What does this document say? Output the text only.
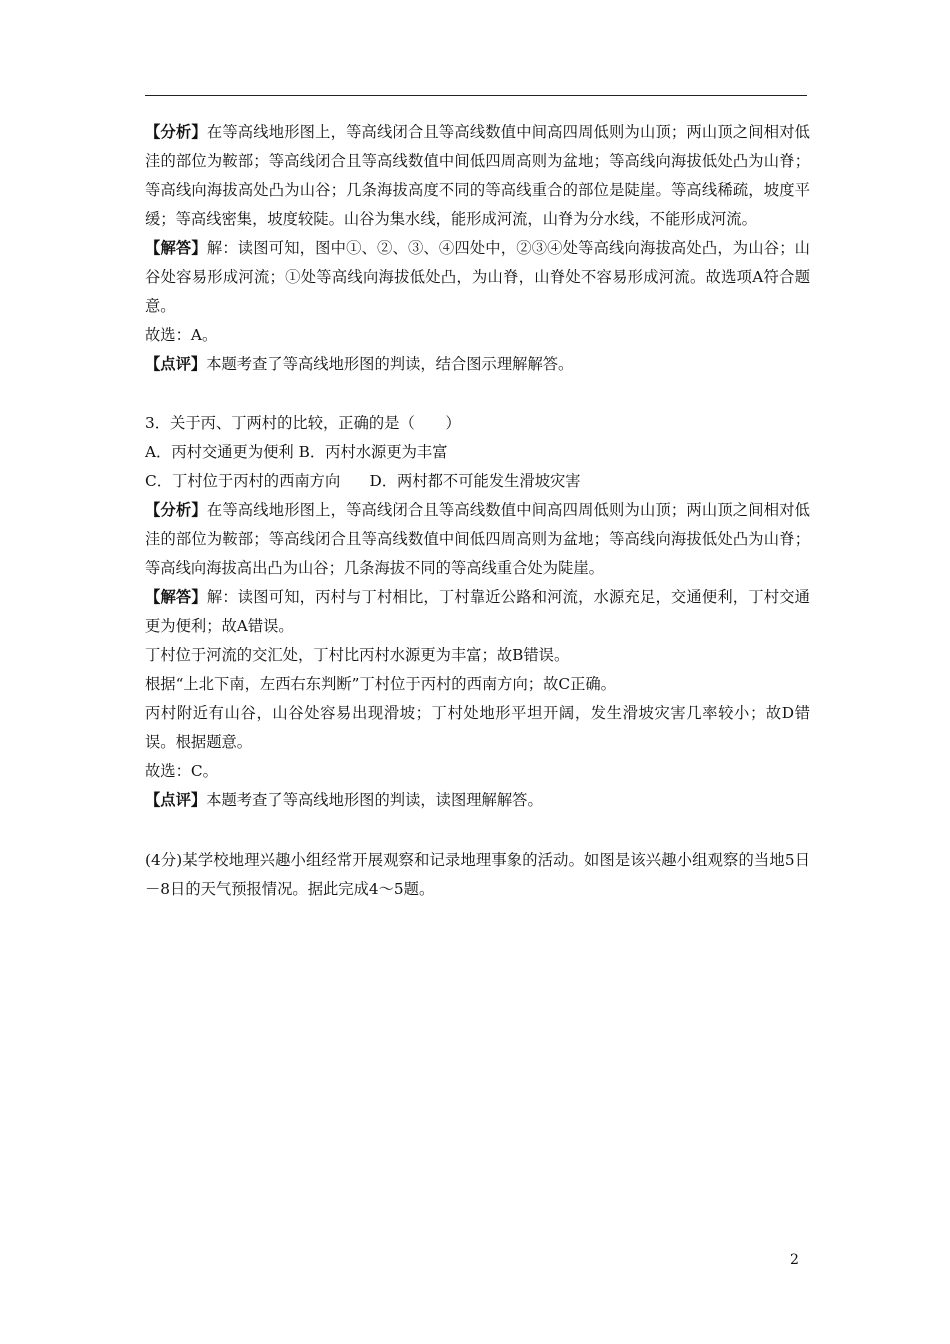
【分析】在等高线地形图上，等高线闭合且等高线数值中间高四周低则为山顶；两山顶之间相对低洼的部位为鞍部；等高线闭合且等高线数值中间低四周高则为盆地；等高线向海拔低处凸为山脊；等高线向海拔高处凸为山谷；几条海拔高度不同的等高线重合的部位是陡崖。等高线稀疏，坡度平缓；等高线密集，坡度较陡。山谷为集水线，能形成河流，山脊为分水线，不能形成河流。

【解答】解：读图可知，图中①、②、③、④四处中，②③④处等高线向海拔高处凸，为山谷；山谷处容易形成河流；①处等高线向海拔低处凸，为山脊，山脊处不容易形成河流。故选项A符合题意。

故选：A。

【点评】本题考查了等高线地形图的判读，结合图示理解解答。

3．关于丙、丁两村的比较，正确的是（　　）

A．丙村交通更为便利 B．丙村水源更为丰富

C．丁村位于丙村的西南方向 D．两村都不可能发生滑坡灾害

【分析】在等高线地形图上，等高线闭合且等高线数值中间高四周低则为山顶；两山顶之间相对低洼的部位为鞍部；等高线闭合且等高线数值中间低四周高则为盆地；等高线向海拔低处凸为山脊；等高线向海拔高出凸为山谷；几条海拔不同的等高线重合处为陡崖。

【解答】解：读图可知，丙村与丁村相比，丁村靠近公路和河流，水源充足，交通便利，丁村交通更为便利；故A错误。

丁村位于河流的交汇处，丁村比丙村水源更为丰富；故B错误。

根据“上北下南，左西右东判断”丁村位于丙村的西南方向；故C正确。

丙村附近有山谷，山谷处容易出现滑坡；丁村处地形平坦开阔，发生滑坡灾害几率较小；故D错误。根据题意。

故选：C。

【点评】本题考查了等高线地形图的判读，读图理解解答。

(4分)某学校地理兴趣小组经常开展观察和记录地理事象的活动。如图是该兴趣小组观察的当地5日－8日的天气预报情况。据此完成4～5题。

2
